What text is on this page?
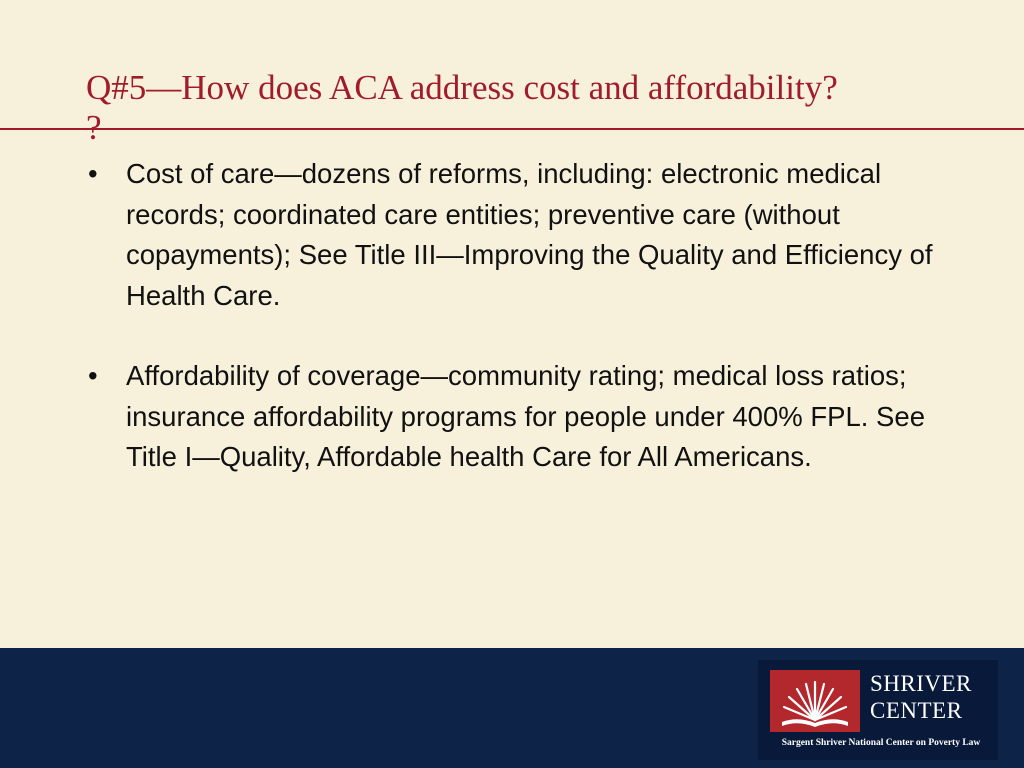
Q#5—How does ACA address cost and affordability?
?
• Cost of care—dozens of reforms, including: electronic medical records; coordinated care entities; preventive care (without copayments); See Title III—Improving the Quality and Efficiency of Health Care.
• Affordability of coverage—community rating; medical loss ratios; insurance affordability programs for people under 400% FPL. See Title I—Quality, Affordable health Care for All Americans.
SHRIVER
CENTER
Sargent Shriver National Center on Poverty Law
